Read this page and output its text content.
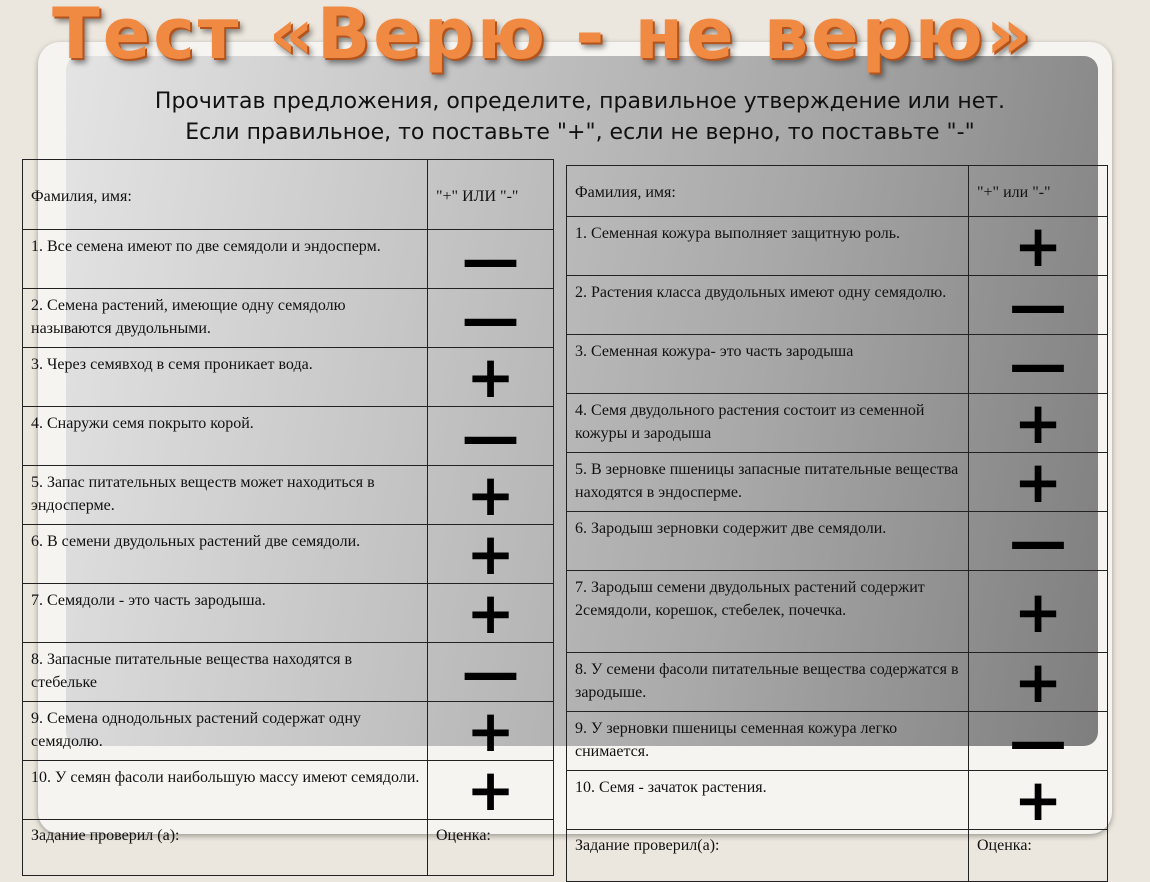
Тест «Верю - не верю»
Прочитав предложения, определите, правильное утверждение или нет.
Если правильное, то поставьте "+", если не верно, то поставьте "-"
Фамилия, имя:	"+" ИЛИ "-"
1. Все семена имеют по две семядоли и эндосперм.	—
2. Семена растений, имеющие одну семядолю называются двудольными.	—
3. Через семявход в семя проникает вода.	+
4. Снаружи семя покрыто корой.	—
5. Запас питательных веществ может находиться в эндосперме.	+
6. В семени двудольных растений две семядоли.	+
7. Семядоли - это часть зародыша.	+
8. Запасные питательные вещества находятся в стебельке	—
9. Семена однодольных растений содержат одну семядолю.	+
10. У семян фасоли наибольшую массу имеют семядоли.	+
Задание проверил (а):	Оценка:
Фамилия, имя:	"+" или "-"
1. Семенная кожура выполняет защитную роль.	+
2. Растения класса двудольных имеют одну семядолю.	—
3. Семенная кожура- это часть зародыша	—
4. Семя двудольного растения состоит из семенной кожуры и зародыша	+
5. В зерновке пшеницы запасные питательные вещества находятся в эндосперме.	+
6. Зародыш зерновки содержит две семядоли.	—
7. Зародыш семени двудольных растений содержит 2семядоли, корешок, стебелек, почечка.	+
8. У семени фасоли питательные вещества содержатся в зародыше.	+
9. У зерновки пшеницы семенная кожура легко снимается.	—
10. Семя - зачаток растения.	+
Задание проверил(а):	Оценка:
